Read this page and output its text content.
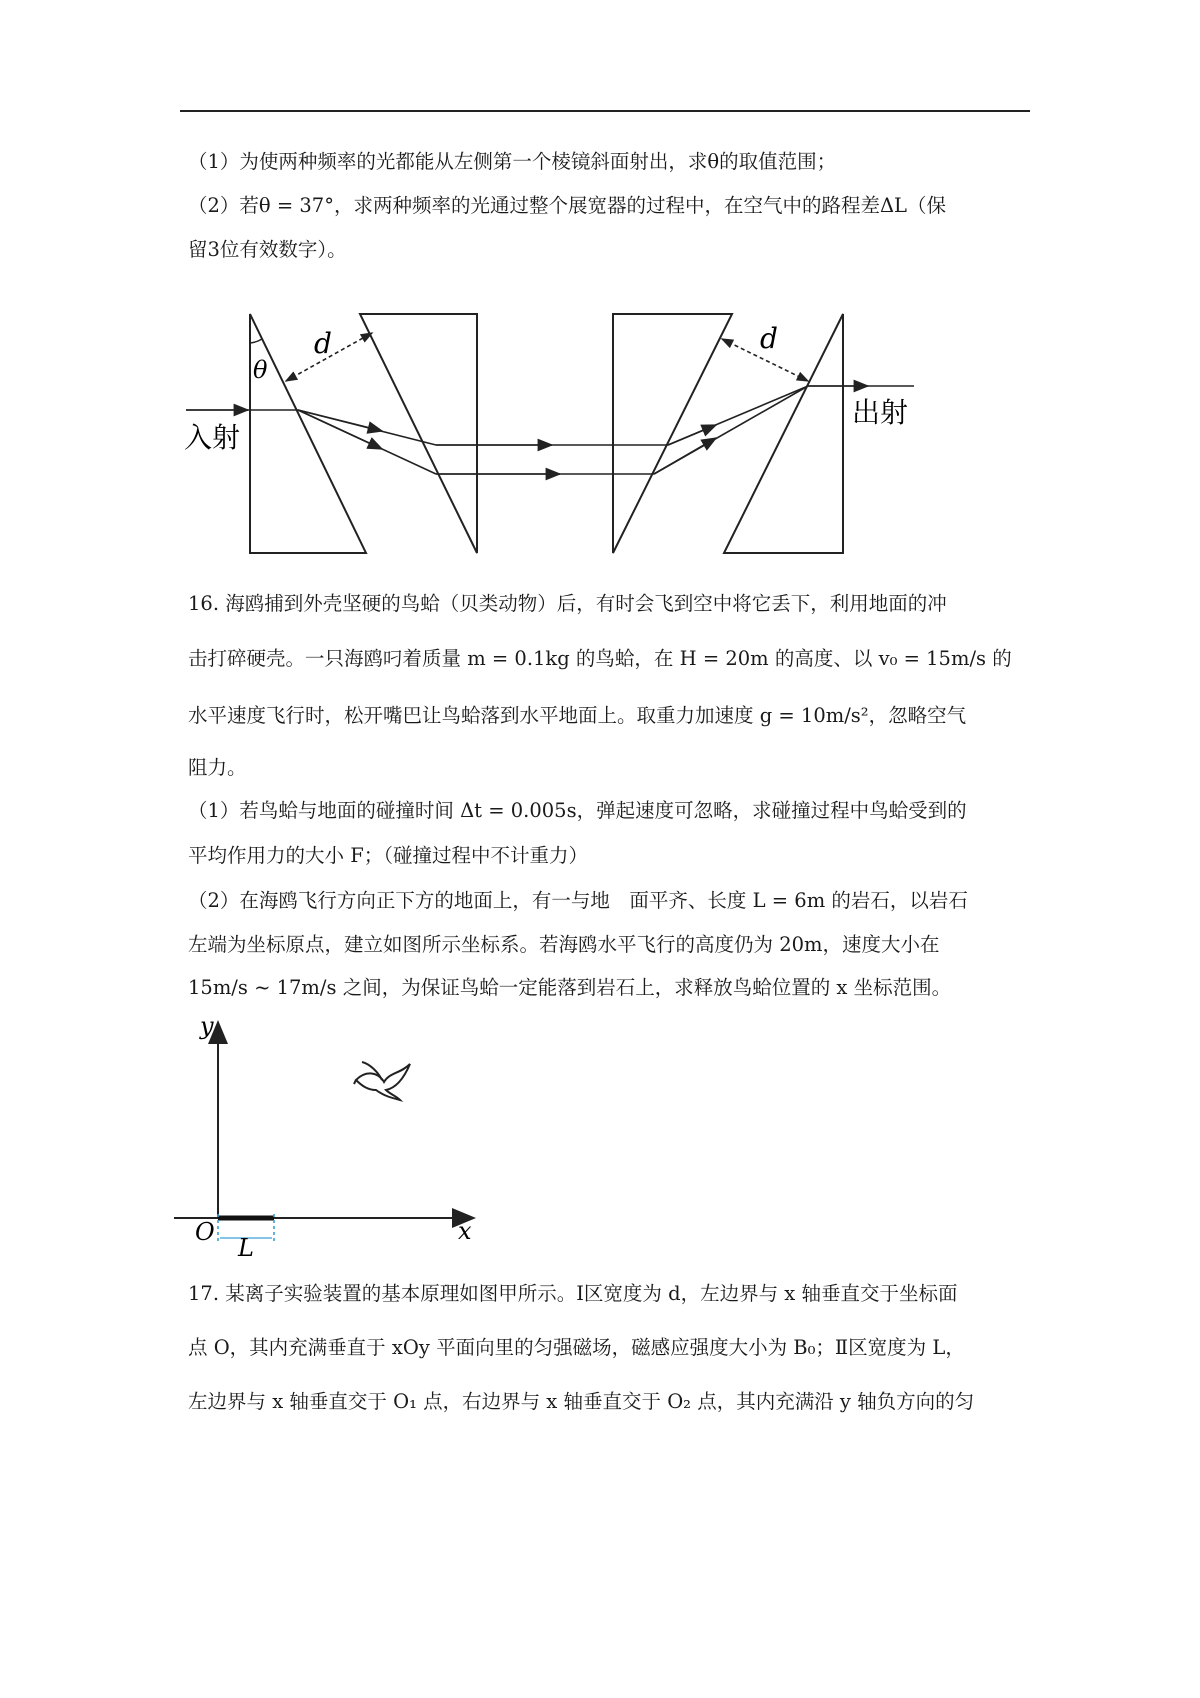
（1）为使两种频率的光都能从左侧第一个棱镜斜面射出，求θ的取值范围；
（2）若θ = 37°，求两种频率的光通过整个展宽器的过程中，在空气中的路程差ΔL（保
留3位有效数字）。
d	d
θ
入射
出射
16. 海鸥捕到外壳坚硬的鸟蛤（贝类动物）后，有时会飞到空中将它丢下，利用地面的冲
击打碎硬壳。一只海鸥叼着质量 m = 0.1kg 的鸟蛤，在 H = 20m 的高度、以 v₀ = 15m/s 的
水平速度飞行时，松开嘴巴让鸟蛤落到水平地面上。取重力加速度 g = 10m/s²，忽略空气
阻力。
（1）若鸟蛤与地面的碰撞时间 Δt = 0.005s，弹起速度可忽略，求碰撞过程中鸟蛤受到的
平均作用力的大小 F；（碰撞过程中不计重力）
（2）在海鸥飞行方向正下方的地面上，有一与地　面平齐、长度 L = 6m 的岩石，以岩石
左端为坐标原点，建立如图所示坐标系。若海鸥水平飞行的高度仍为 20m，速度大小在
15m/s ~ 17m/s 之间，为保证鸟蛤一定能落到岩石上，求释放鸟蛤位置的 x 坐标范围。
y
x
O
L
17. 某离子实验装置的基本原理如图甲所示。Ⅰ区宽度为 d，左边界与 x 轴垂直交于坐标面
点 O，其内充满垂直于 xOy 平面向里的匀强磁场，磁感应强度大小为 B₀；Ⅱ区宽度为 L，
左边界与 x 轴垂直交于 O₁ 点，右边界与 x 轴垂直交于 O₂ 点，其内充满沿 y 轴负方向的匀
